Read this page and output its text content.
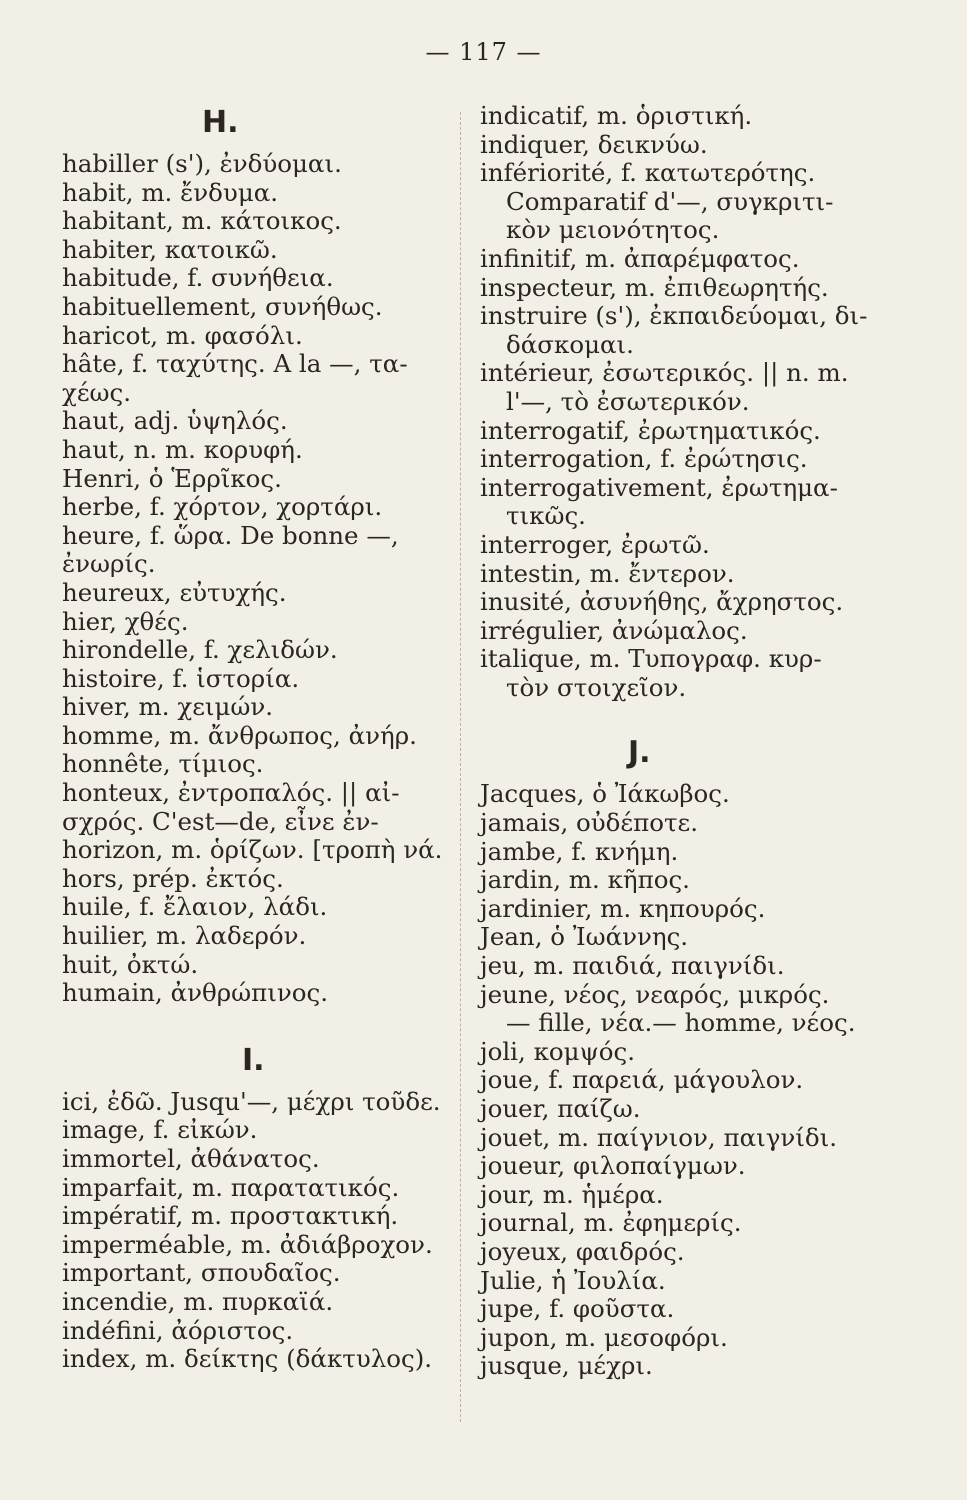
— 117 —
H.
habiller (s'), ἐνδύομαι.
habit, m. ἔνδυμα.
habitant, m. κάτοικος.
habiter, κατοικῶ.
habitude, f. συνήθεια.
habituellement, συνήθως.
haricot, m. φασόλι.
hâte, f. ταχύτης. A la —, τα-
χέως.
haut, adj. ὑψηλός.
haut, n. m. κορυφή.
Henri, ὁ Ἑρρῖκος.
herbe, f. χόρτον, χορτάρι.
heure, f. ὥρα. De bonne —,
ἐνωρίς.
heureux, εὐτυχής.
hier, χθές.
hirondelle, f. χελιδών.
histoire, f. ἱστορία.
hiver, m. χειμών.
homme, m. ἄνθρωπος, ἀνήρ.
honnête, τίμιος.
honteux, ἐντροπαλός. || αἰ-
σχρός. C'est—de, εἶνε ἐν-
horizon, m. ὁρίζων. [τροπὴ νά.
hors, prép. ἐκτός.
huile, f. ἔλαιον, λάδι.
huilier, m. λαδερόν.
huit, ὀκτώ.
humain, ἀνθρώπινος.
I.
ici, ἐδῶ. Jusqu'—, μέχρι τοῦδε.
image, f. εἰκών.
immortel, ἀθάνατος.
imparfait, m. παρατατικός.
impératif, m. προστακτική.
imperméable, m. ἀδιάβροχον.
important, σπουδαῖος.
incendie, m. πυρκαϊά.
indéfini, ἀόριστος.
index, m. δείκτης (δάκτυλος).
indicatif, m. ὁριστική.
indiquer, δεικνύω.
infériorité, f. κατωτερότης.
Comparatif d'—, συγκριτι-
κὸν μειονότητος.
infinitif, m. ἀπαρέμφατος.
inspecteur, m. ἐπιθεωρητής.
instruire (s'), ἐκπαιδεύομαι, δι-
δάσκομαι.
intérieur, ἐσωτερικός. || n. m.
l'—, τὸ ἐσωτερικόν.
interrogatif, ἐρωτηματικός.
interrogation, f. ἐρώτησις.
interrogativement, ἐρωτημα-
τικῶς.
interroger, ἐρωτῶ.
intestin, m. ἔντερον.
inusité, ἀσυνήθης, ἄχρηστος.
irrégulier, ἀνώμαλος.
italique, m. Τυπογραφ. κυρ-
τὸν στοιχεῖον.
J.
Jacques, ὁ Ἰάκωβος.
jamais, οὐδέποτε.
jambe, f. κνήμη.
jardin, m. κῆπος.
jardinier, m. κηπουρός.
Jean, ὁ Ἰωάννης.
jeu, m. παιδιά, παιγνίδι.
jeune, νέος, νεαρός, μικρός.
— fille, νέα.— homme, νέος.
joli, κομψός.
joue, f. παρειά, μάγουλον.
jouer, παίζω.
jouet, m. παίγνιον, παιγνίδι.
joueur, φιλοπαίγμων.
jour, m. ἡμέρα.
journal, m. ἐφημερίς.
joyeux, φαιδρός.
Julie, ἡ Ἰουλία.
jupe, f. φοῦστα.
jupon, m. μεσοφόρι.
jusque, μέχρι.
